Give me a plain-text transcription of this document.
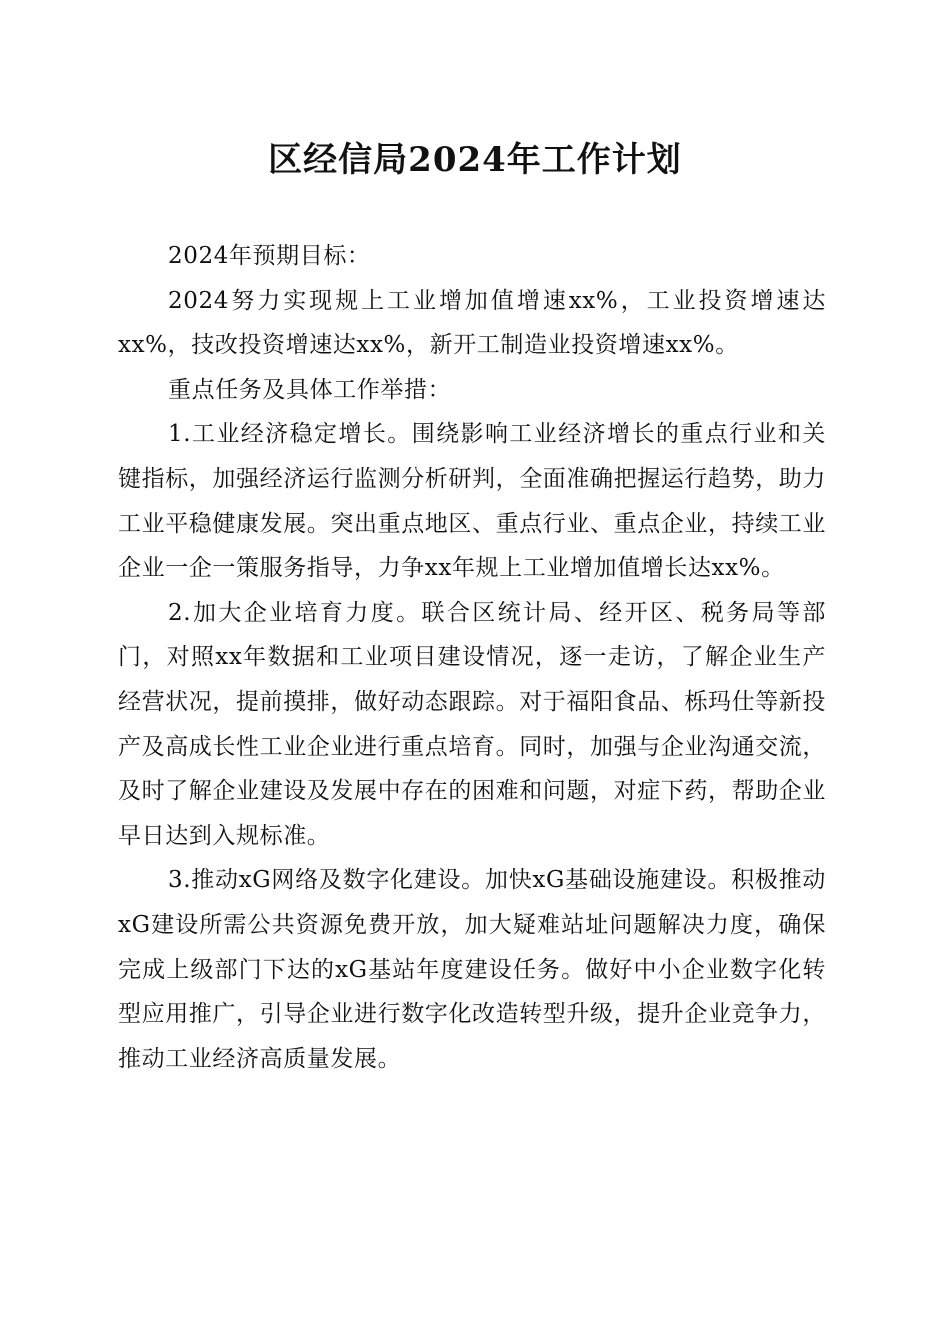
区经信局2024年工作计划

2024年预期目标：

2024努力实现规上工业增加值增速xx%，工业投资增速达xx%，技改投资增速达xx%，新开工制造业投资增速xx%。

重点任务及具体工作举措：

1.工业经济稳定增长。围绕影响工业经济增长的重点行业和关键指标，加强经济运行监测分析研判，全面准确把握运行趋势，助力工业平稳健康发展。突出重点地区、重点行业、重点企业，持续工业企业一企一策服务指导，力争xx年规上工业增加值增长达xx%。

2.加大企业培育力度。联合区统计局、经开区、税务局等部门，对照xx年数据和工业项目建设情况，逐一走访，了解企业生产经营状况，提前摸排，做好动态跟踪。对于福阳食品、栎玛仕等新投产及高成长性工业企业进行重点培育。同时，加强与企业沟通交流，及时了解企业建设及发展中存在的困难和问题，对症下药，帮助企业早日达到入规标准。

3.推动xG网络及数字化建设。加快xG基础设施建设。积极推动xG建设所需公共资源免费开放，加大疑难站址问题解决力度，确保完成上级部门下达的xG基站年度建设任务。做好中小企业数字化转型应用推广，引导企业进行数字化改造转型升级，提升企业竞争力，推动工业经济高质量发展。
